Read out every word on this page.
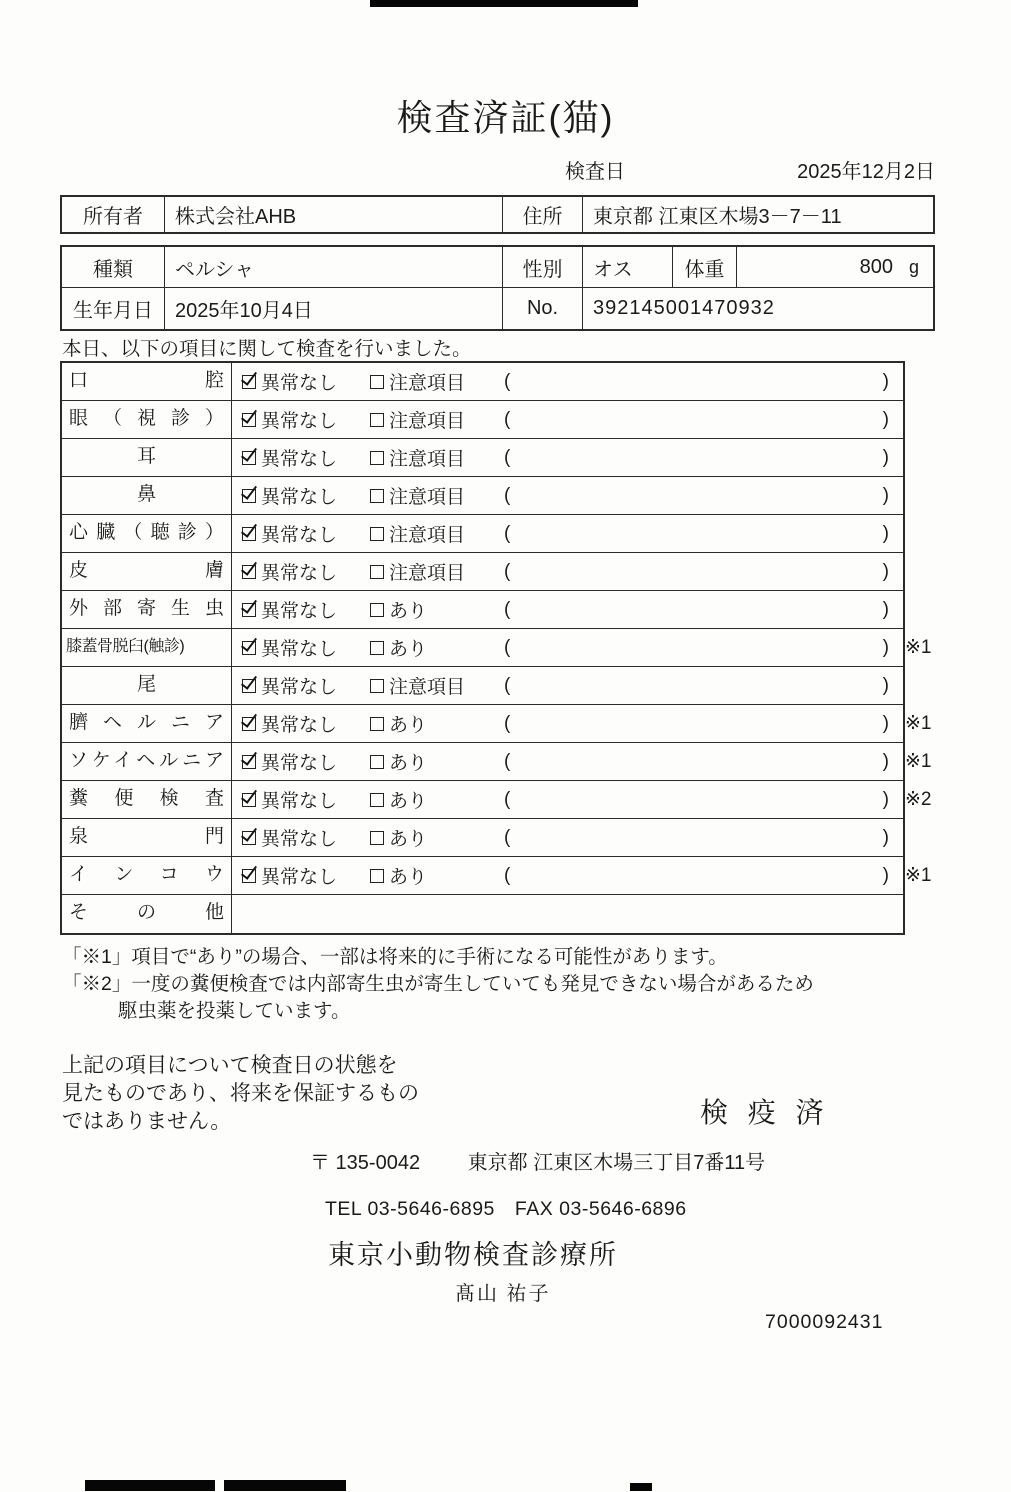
検査済証(猫)
検査日	2025年12月2日
所有者	株式会社AHB	住所	東京都 江東区木場3－7－11
種類	ペルシャ	性別	オス	体重	800 g
生年月日	2025年10月4日	No.	392145001470932
本日、以下の項目に関して検査を行いました。
口腔	異常なし	注意項目 (	)
眼（視診）	異常なし	注意項目 (	)
耳	異常なし	注意項目 (	)
鼻	異常なし	注意項目 (	)
心臓（聴診）	異常なし	注意項目 (	)
皮膚	異常なし	注意項目 (	)
外部寄生虫	異常なし	あり	(	)
膝蓋骨脱臼(触診)	異常なし	あり	(	) ※1
尾	異常なし	注意項目 (	)
臍ヘルニア	異常なし	あり	(	) ※1
ソケイヘルニア	異常なし	あり	(	) ※1
糞便検査	異常なし	あり	(	) ※2
泉門	異常なし	あり	(	)
インコウ	異常なし	あり	(	) ※1
その他
「※1」項目で“あり”の場合、一部は将来的に手術になる可能性があります。
「※2」一度の糞便検査では内部寄生虫が寄生していても発見できない場合があるため
駆虫薬を投薬しています。
上記の項目について検査日の状態を
見たものであり、将来を保証するもの
ではありません。	検 疫 済
〒 135-0042 東京都 江東区木場三丁目7番11号
TEL 03-5646-6895　FAX 03-5646-6896
東京小動物検査診療所
髙山 祐子
7000092431
